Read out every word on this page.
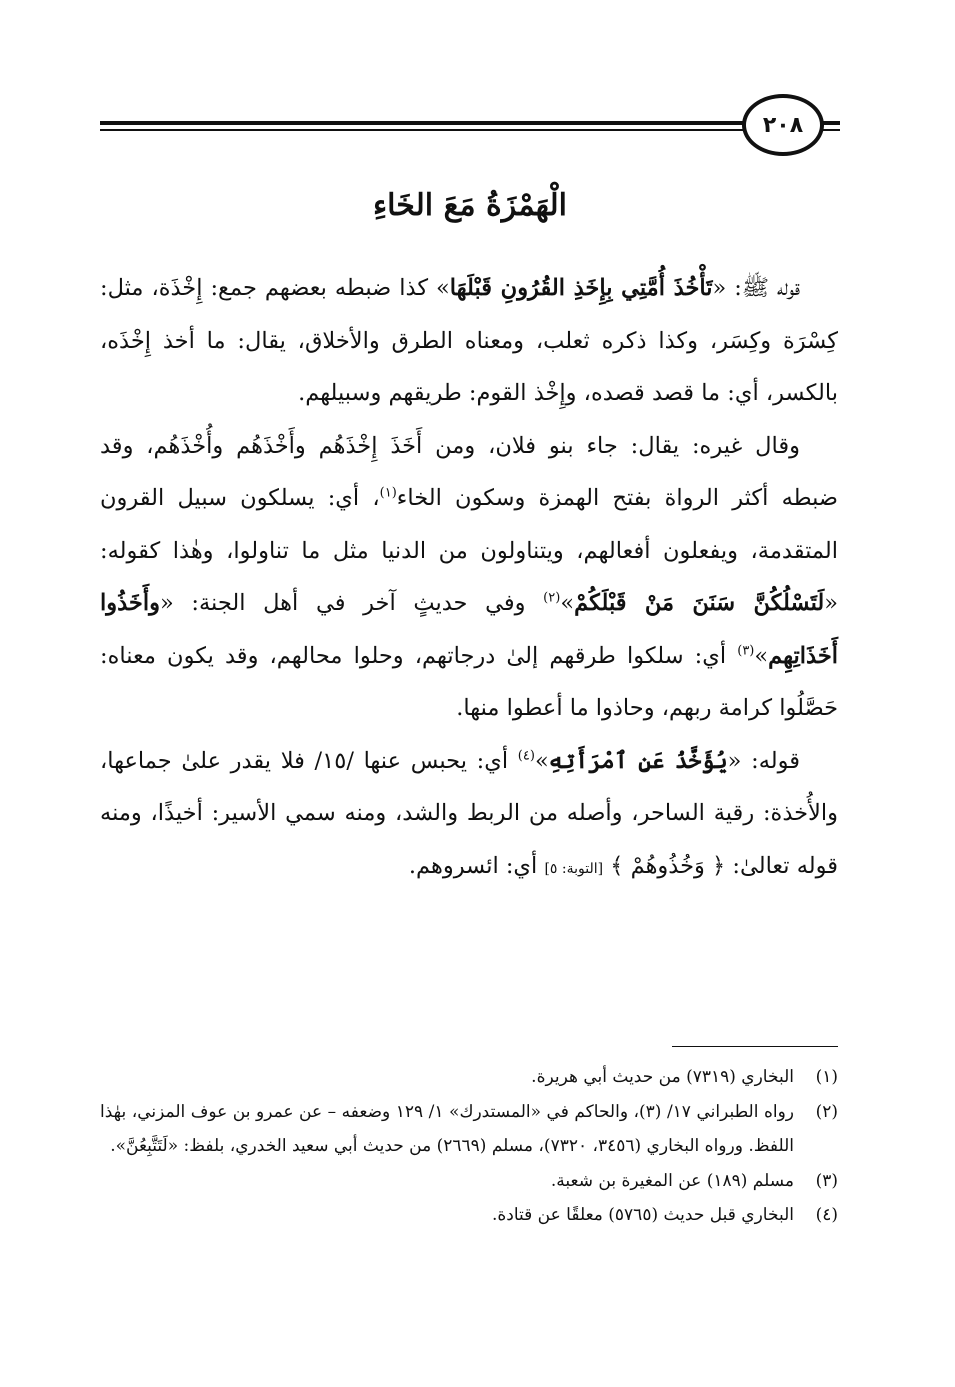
٢٠٨
الْهَمْزَةُ مَعَ الخَاءِ

قوله ﷺ: «تَأْخُذَ أُمَّتِي بِإِخَذِ القُرُونِ قَبْلَهَا» كذا ضبطه بعضهم جمع: إِخْذَة، مثل: كِسْرَة وكِسَر، وكذا ذكره ثعلب، ومعناه الطرق والأخلاق، يقال: ما أخذ إِخْذَه، بالكسر، أي: ما قصد قصده، وإِخْذ القوم: طريقهم وسبيلهم.

وقال غيره: يقال: جاء بنو فلان، ومن أَخَذَ إِخْذَهُم وأَخْذَهُم وأُخْذَهُم، وقد ضبطه أكثر الرواة بفتح الهمزة وسكون الخاء$^{(١)}$، أي: يسلكون سبيل القرون المتقدمة، ويفعلون أفعالهم، ويتناولون من الدنيا مثل ما تناولوا، وهٰذا كقوله: «لَتَسْلُكُنَّ سَنَنَ مَنْ قَبْلَكُمْ»$^{(٢)}$ وفي حديثٍ آخر في أهل الجنة: «وأَخَذُوا أَخَذَاتِهِم»$^{(٣)}$ أي: سلكوا طرقهم إلىٰ درجاتهم، وحلوا محالهم، وقد يكون معناه: حَصَّلُوا كرامة ربهم، وحاذوا ما أعطوا منها.

قوله: «يُؤَخَّذُ عَنِ ٱمْرَأَتِهِ»$^{(٤)}$ أي: يحبس عنها /١٥/ فلا يقدر علىٰ جماعها، والأُخذة: رقية الساحر، وأصله من الربط والشد، ومنه سمي الأسير: أخيذًا، ومنه قوله تعالىٰ: ﴿ وَخُذُوهُمْ ﴾ [التوبة: ٥] أي: ائسروهم.

(١)
البخاري (٧٣١٩) من حديث أبي هريرة.
(٢)
رواه الطبراني ١٧/ (٣)، والحاكم في «المستدرك» ١/ ١٢٩ وضعفه – عن عمرو بن عوف المزني، بهٰذا اللفظ. ورواه البخاري (٣٤٥٦، ٧٣٢٠)، مسلم (٢٦٦٩) من حديث أبي سعيد الخدري، بلفظ: «لَتَتَّبِعُنَّ».
(٣)
مسلم (١٨٩) عن المغيرة بن شعبة.
(٤)
البخاري قبل حديث (٥٧٦٥) معلقًا عن قتادة.
